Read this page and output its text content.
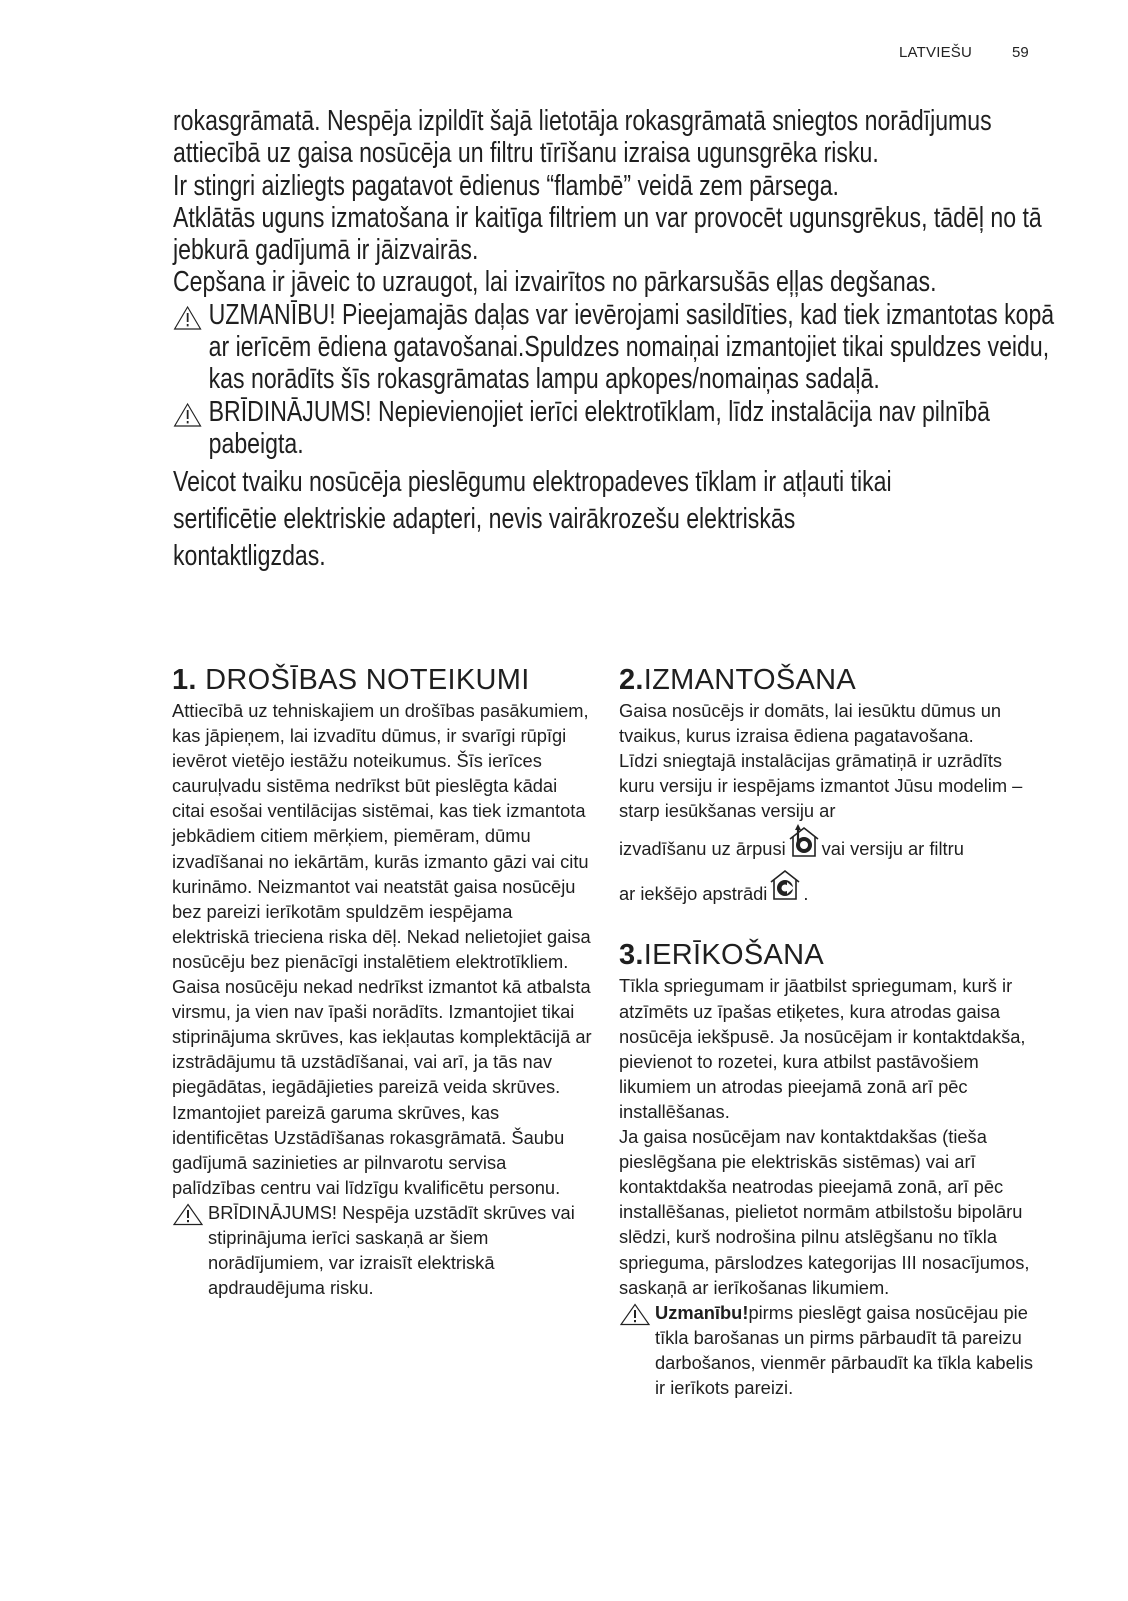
LATVIEŠU	59

rokasgrāmatā. Nespēja izpildīt šajā lietotāja rokasgrāmatā sniegtos norādījumus attiecībā uz gaisa nosūcēja un filtru tīrīšanu izraisa ugunsgrēka risku.

Ir stingri aizliegts pagatavot ēdienus “flambē” veidā zem pārsega.

Atklātās uguns izmatošana ir kaitīga filtriem un var provocēt ugunsgrēkus, tādēļ no tā jebkurā gadījumā ir jāizvairās.

Cepšana ir jāveic to uzraugot, lai izvairītos no pārkarsušās eļļas degšanas.

UZMANĪBU! Pieejamajās daļas var ievērojami sasildīties, kad tiek izmantotas kopā ar ierīcēm ēdiena gatavošanai.Spuldzes nomaiņai izmantojiet tikai spuldzes veidu, kas norādīts šīs rokasgrāmatas lampu apkopes/nomaiņas sadaļā.

BRĪDINĀJUMS! Nepievienojiet ierīci elektrotīklam, līdz instalācija nav pilnībā pabeigta.

Veicot tvaiku nosūcēja pieslēgumu elektropadeves tīklam ir atļauti tikai sertificētie elektriskie adapteri, nevis vairākrozešu elektriskās kontaktligzdas.

1. DROŠĪBAS NOTEIKUMI

Attiecībā uz tehniskajiem un drošības pasākumiem, kas jāpieņem, lai izvadītu dūmus, ir svarīgi rūpīgi ievērot vietējo iestāžu noteikumus. Šīs ierīces cauruļvadu sistēma nedrīkst būt pieslēgta kādai citai esošai ventilācijas sistēmai, kas tiek izmantota jebkādiem citiem mērķiem, piemēram, dūmu izvadīšanai no iekārtām, kurās izmanto gāzi vai citu kurināmo. Neizmantot vai neatstāt gaisa nosūcēju bez pareizi ierīkotām spuldzēm iespējama elektriskā trieciena riska dēļ. Nekad nelietojiet gaisa nosūcēju bez pienācīgi instalētiem elektrotīkliem. Gaisa nosūcēju nekad nedrīkst izmantot kā atbalsta virsmu, ja vien nav īpaši norādīts. Izmantojiet tikai stiprinājuma skrūves, kas iekļautas komplektācijā ar izstrādājumu tā uzstādīšanai, vai arī, ja tās nav piegādātas, iegādājieties pareizā veida skrūves. Izmantojiet pareizā garuma skrūves, kas identificētas Uzstādīšanas rokasgrāmatā. Šaubu gadījumā sazinieties ar pilnvarotu servisa palīdzības centru vai līdzīgu kvalificētu personu.

BRĪDINĀJUMS! Nespēja uzstādīt skrūves vai stiprinājuma ierīci saskaņā ar šiem norādījumiem, var izraisīt elektriskā apdraudējuma risku.

2.IZMANTOŠANA

Gaisa nosūcējs ir domāts, lai iesūktu dūmus un tvaikus, kurus izraisa ēdiena pagatavošana.

Līdzi sniegtajā instalācijas grāmatiņā ir uzrādīts kuru versiju ir iespējams izmantot Jūsu modelim – starp iesūkšanas versiju ar

izvadīšanu uz ārpusi vai versiju ar filtru

ar iekšējo apstrādi .

3.IERĪKOŠANA

Tīkla spriegumam ir jāatbilst spriegumam, kurš ir atzīmēts uz īpašas etiķetes, kura atrodas gaisa nosūcēja iekšpusē. Ja nosūcējam ir kontaktdakša, pievienot to rozetei, kura atbilst pastāvošiem likumiem un atrodas pieejamā zonā arī pēc installēšanas.

Ja gaisa nosūcējam nav kontaktdakšas (tieša pieslēgšana pie elektriskās sistēmas) vai arī kontaktdakša neatrodas pieejamā zonā, arī pēc installēšanas, pielietot normām atbilstošu bipolāru slēdzi, kurš nodrošina pilnu atslēgšanu no tīkla sprieguma, pārslodzes kategorijas III nosacījumos, saskaņā ar ierīkošanas likumiem.

Uzmanību!pirms pieslēgt gaisa nosūcējau pie tīkla barošanas un pirms pārbaudīt tā pareizu darbošanos, vienmēr pārbaudīt ka tīkla kabelis ir ierīkots pareizi.
